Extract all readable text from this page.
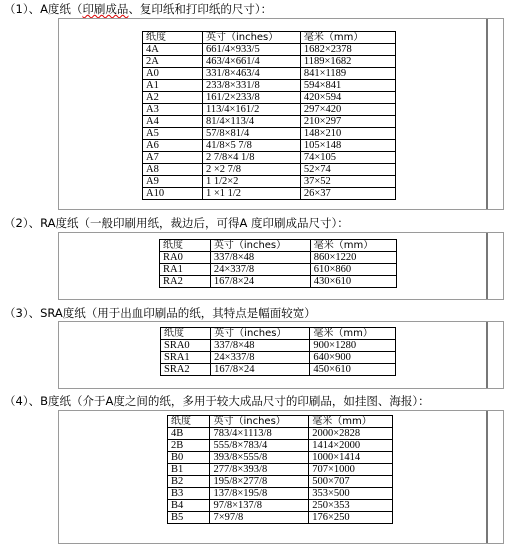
（1）、A度纸（印刷成品、复印纸和打印纸的尺寸）：
纸度	英寸（inches）	毫米（mm）
4A	661/4×933/5	1682×2378
2A	463/4×661/4	1189×1682
A0	331/8×463/4	841×1189
A1	233/8×331/8	594×841
A2	161/2×233/8	420×594
A3	113/4×161/2	297×420
A4	81/4×113/4	210×297
A5	57/8×81/4	148×210
A6	41/8×5 7/8	105×148
A7	2 7/8×4 1/8	74×105
A8	2 ×2 7/8	52×74
A9	1 1/2×2	37×52
A10	1 ×1 1/2	26×37
（2）、RA度纸（一般印刷用纸，裁边后，可得A 度印刷成品尺寸）：
纸度	英寸（inches）	毫米（mm）
RA0	337/8×48	860×1220
RA1	24×337/8	610×860
RA2	167/8×24	430×610
（3）、SRA度纸（用于出血印刷品的纸，其特点是幅面较宽）
纸度	英寸（inches）	毫米（mm）
SRA0	337/8×48	900×1280
SRA1	24×337/8	640×900
SRA2	167/8×24	450×610
（4）、B度纸（介于A度之间的纸，多用于较大成品尺寸的印刷品，如挂图、海报）：
纸度	英寸（inches）	毫米（mm）
4B	783/4×1113/8	2000×2828
2B	555/8×783/4	1414×2000
B0	393/8×555/8	1000×1414
B1	277/8×393/8	707×1000
B2	195/8×277/8	500×707
B3	137/8×195/8	353×500
B4	97/8×137/8	250×353
B5	7×97/8	176×250
